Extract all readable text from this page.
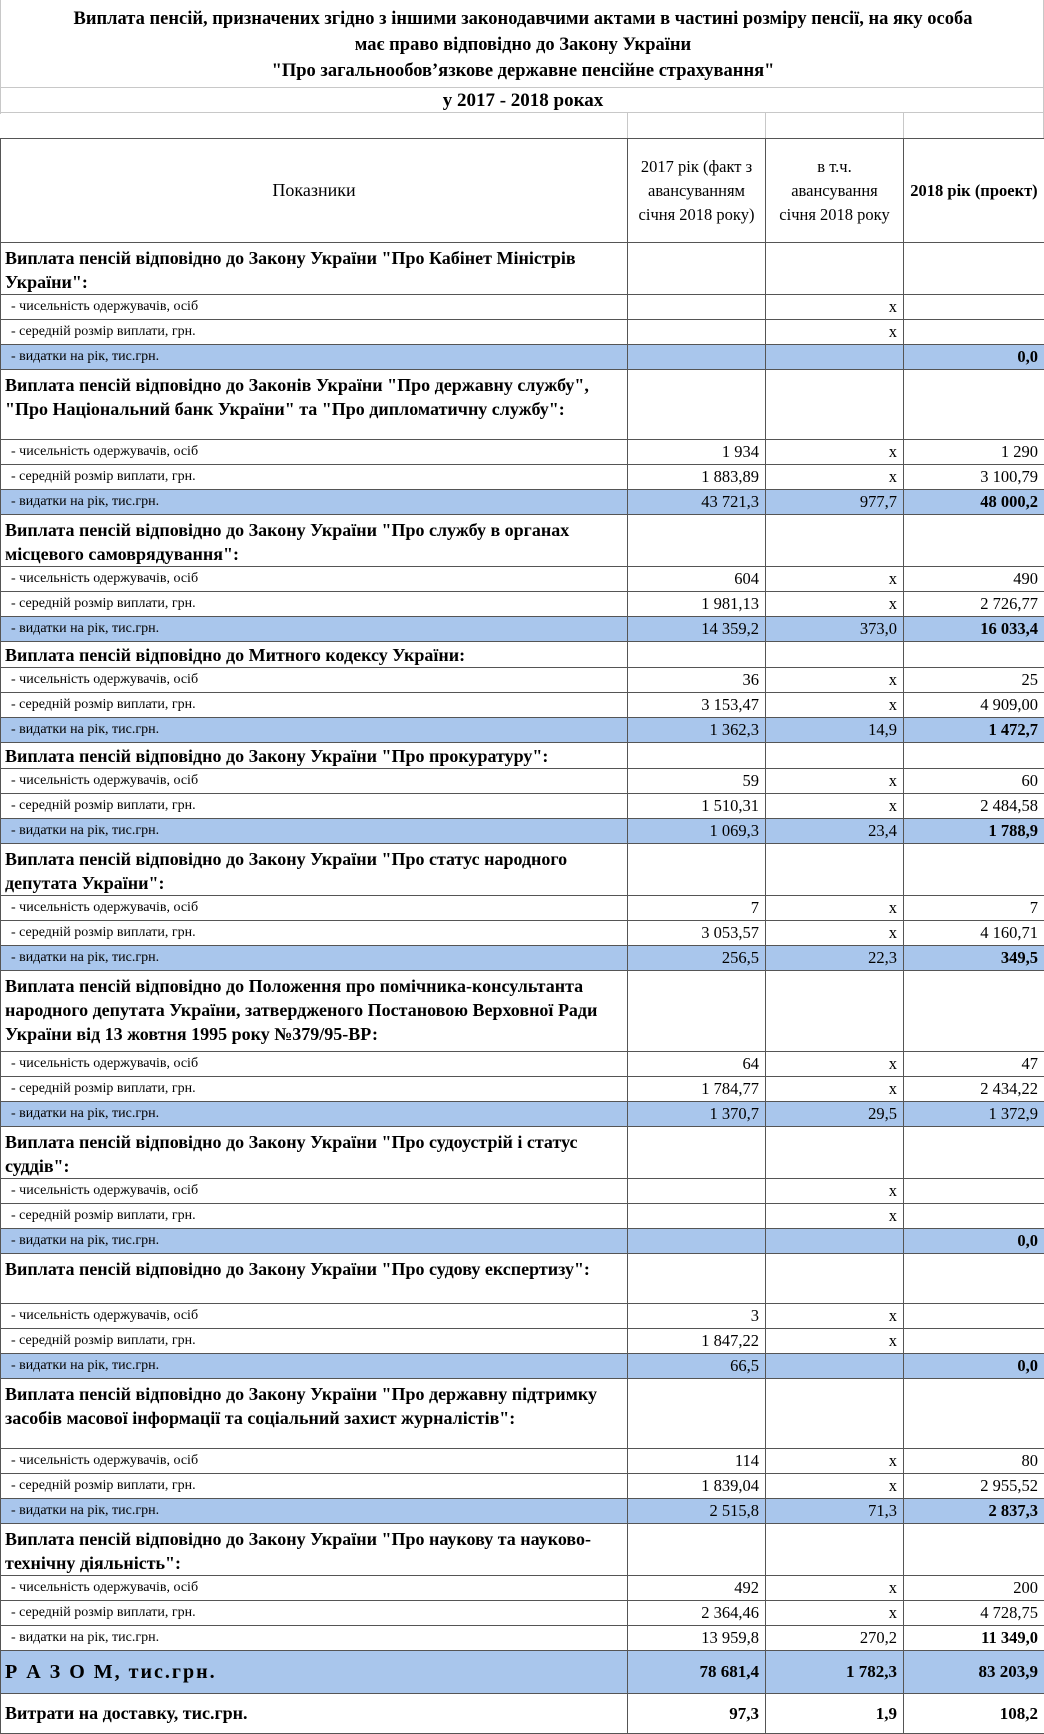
Виплата пенсій, призначених згідно з іншими законодавчими актами в частині розміру пенсії, на яку особа
має право відповідно до Закону України
"Про загальнообов’язкове державне пенсійне страхування"
у 2017 - 2018 роках
Показники	2017 рік (факт з авансуванням січня 2018 року)	в т.ч. авансування січня 2018 року	2018 рік (проект)
Виплата пенсій відповідно до Закону України "Про Кабінет Міністрів України":			
- чисельність одержувачів, осіб		x	
- середній розмір виплати, грн.		x	
- видатки на рік, тис.грн.			0,0
Виплата пенсій відповідно до Законів України "Про державну службу", "Про Національний банк України" та "Про дипломатичну службу":			
- чисельність одержувачів, осіб	1 934	x	1 290
- середній розмір виплати, грн.	1 883,89	x	3 100,79
- видатки на рік, тис.грн.	43 721,3	977,7	48 000,2
Виплата пенсій відповідно до Закону України "Про службу в органах місцевого самоврядування":			
- чисельність одержувачів, осіб	604	x	490
- середній розмір виплати, грн.	1 981,13	x	2 726,77
- видатки на рік, тис.грн.	14 359,2	373,0	16 033,4
Виплата пенсій відповідно до Митного кодексу України:			
- чисельність одержувачів, осіб	36	x	25
- середній розмір виплати, грн.	3 153,47	x	4 909,00
- видатки на рік, тис.грн.	1 362,3	14,9	1 472,7
Виплата пенсій відповідно до Закону України "Про прокуратуру":			
- чисельність одержувачів, осіб	59	x	60
- середній розмір виплати, грн.	1 510,31	x	2 484,58
- видатки на рік, тис.грн.	1 069,3	23,4	1 788,9
Виплата пенсій відповідно до Закону України "Про статус народного депутата України":			
- чисельність одержувачів, осіб	7	x	7
- середній розмір виплати, грн.	3 053,57	x	4 160,71
- видатки на рік, тис.грн.	256,5	22,3	349,5
Виплата пенсій відповідно до Положення про помічника-консультанта народного депутата України, затвердженого Постановою Верховної Ради України від 13 жовтня 1995 року №379/95-ВР:			
- чисельність одержувачів, осіб	64	x	47
- середній розмір виплати, грн.	1 784,77	x	2 434,22
- видатки на рік, тис.грн.	1 370,7	29,5	1 372,9
Виплата пенсій відповідно до Закону України "Про судоустрій і статус суддів":			
- чисельність одержувачів, осіб		x	
- середній розмір виплати, грн.		x	
- видатки на рік, тис.грн.			0,0
Виплата пенсій відповідно до Закону України "Про судову експертизу":			
- чисельність одержувачів, осіб	3	x	
- середній розмір виплати, грн.	1 847,22	x	
- видатки на рік, тис.грн.	66,5		0,0
Виплата пенсій відповідно до Закону України "Про державну підтримку засобів масової інформації та соціальний захист журналістів":			
- чисельність одержувачів, осіб	114	x	80
- середній розмір виплати, грн.	1 839,04	x	2 955,52
- видатки на рік, тис.грн.	2 515,8	71,3	2 837,3
Виплата пенсій відповідно до Закону України "Про наукову та науково-технічну діяльність":			
- чисельність одержувачів, осіб	492	x	200
- середній розмір виплати, грн.	2 364,46	x	4 728,75
- видатки на рік, тис.грн.	13 959,8	270,2	11 349,0
Р А З О М, тис.грн.	78 681,4	1 782,3	83 203,9
Витрати на доставку, тис.грн.	97,3	1,9	108,2
